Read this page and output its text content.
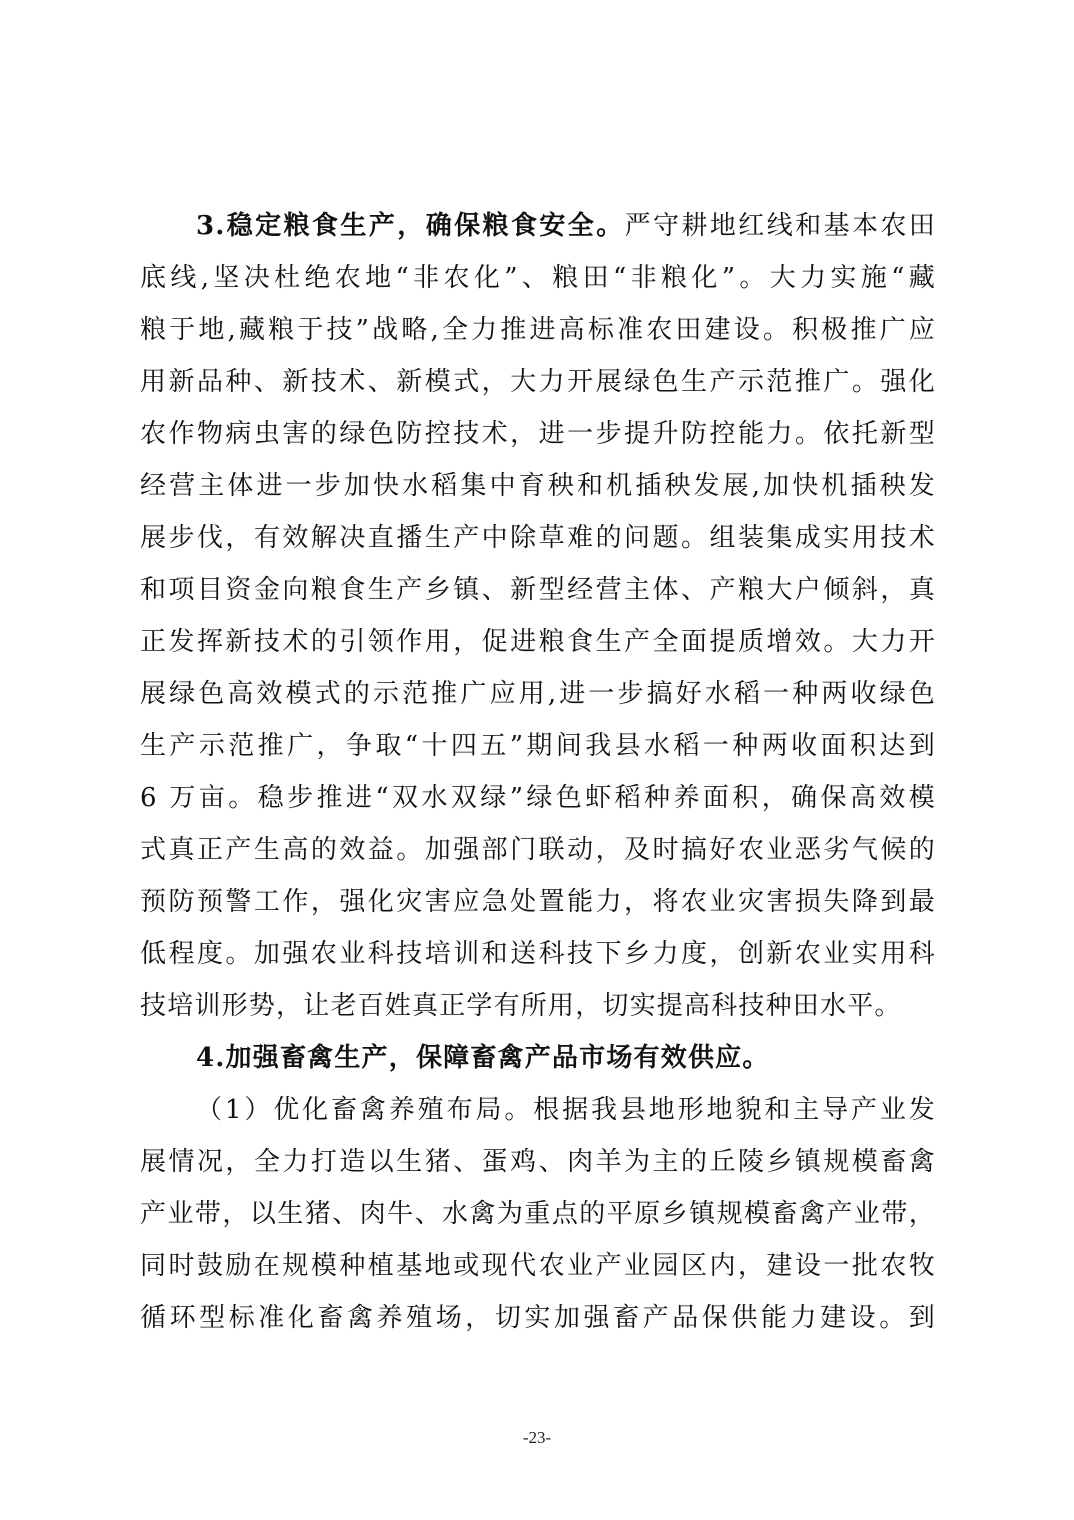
3.稳定粮食生产，确保粮食安全。严守耕地红线和基本农田
底线,坚决杜绝农地“非农化”、粮田“非粮化”。大力实施“藏
粮于地,藏粮于技”战略,全力推进高标准农田建设。积极推广应
用新品种、新技术、新模式，大力开展绿色生产示范推广。强化
农作物病虫害的绿色防控技术，进一步提升防控能力。依托新型
经营主体进一步加快水稻集中育秧和机插秧发展,加快机插秧发
展步伐，有效解决直播生产中除草难的问题。组装集成实用技术
和项目资金向粮食生产乡镇、新型经营主体、产粮大户倾斜，真
正发挥新技术的引领作用，促进粮食生产全面提质增效。大力开
展绿色高效模式的示范推广应用,进一步搞好水稻一种两收绿色
生产示范推广，争取“十四五”期间我县水稻一种两收面积达到
6 万亩。稳步推进“双水双绿”绿色虾稻种养面积，确保高效模
式真正产生高的效益。加强部门联动，及时搞好农业恶劣气候的
预防预警工作，强化灾害应急处置能力，将农业灾害损失降到最
低程度。加强农业科技培训和送科技下乡力度，创新农业实用科
技培训形势，让老百姓真正学有所用，切实提高科技种田水平。
4.加强畜禽生产，保障畜禽产品市场有效供应。
（1）优化畜禽养殖布局。根据我县地形地貌和主导产业发
展情况，全力打造以生猪、蛋鸡、肉羊为主的丘陵乡镇规模畜禽
产业带，以生猪、肉牛、水禽为重点的平原乡镇规模畜禽产业带，
同时鼓励在规模种植基地或现代农业产业园区内，建设一批农牧
循环型标准化畜禽养殖场，切实加强畜产品保供能力建设。到
-23-
